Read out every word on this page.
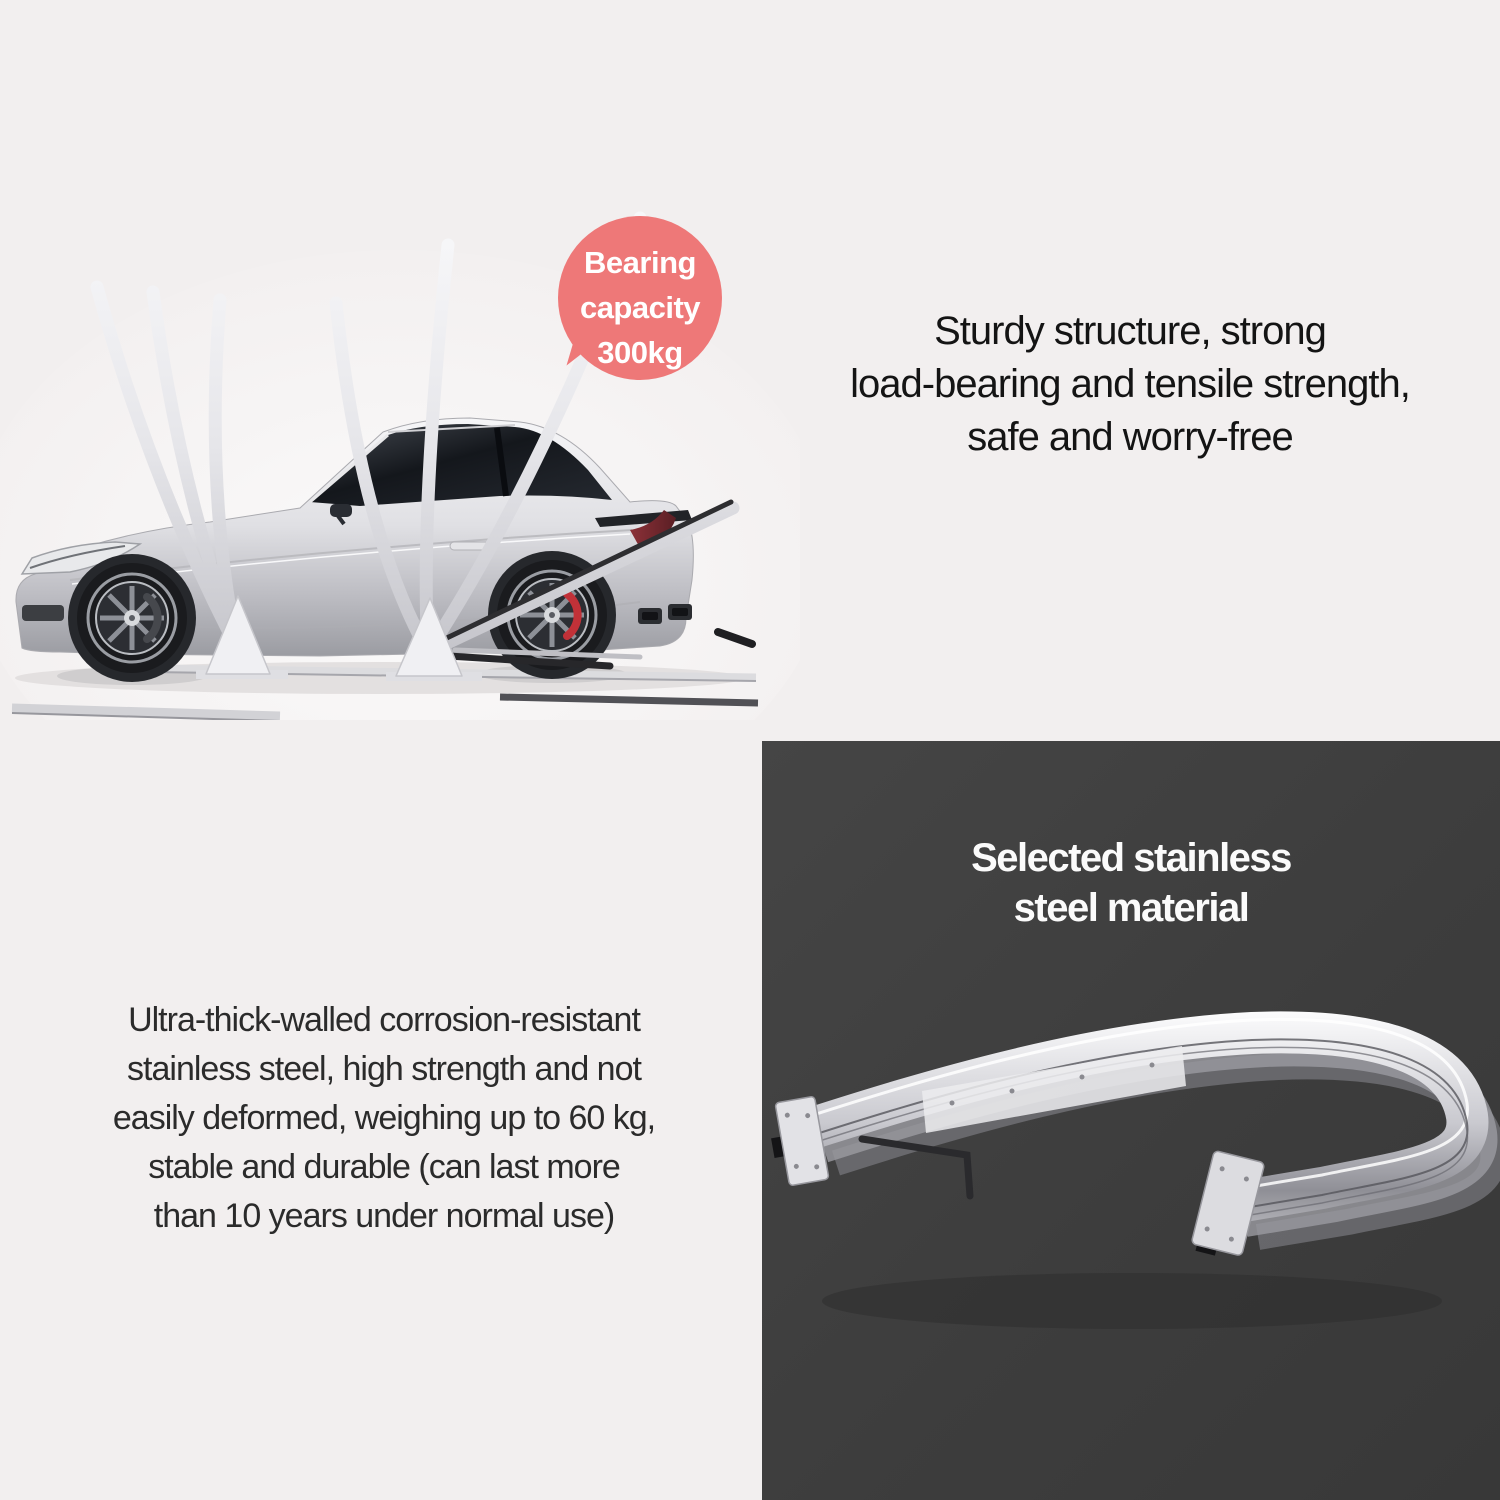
Bearing
capacity
300kg	Sturdy structure, strong
load-bearing and tensile strength,
safe and worry-free
Ultra-thick-walled corrosion-resistant
stainless steel, high strength and not
easily deformed, weighing up to 60 kg,
stable and durable (can last more
than 10 years under normal use)
Selected stainless
steel material
